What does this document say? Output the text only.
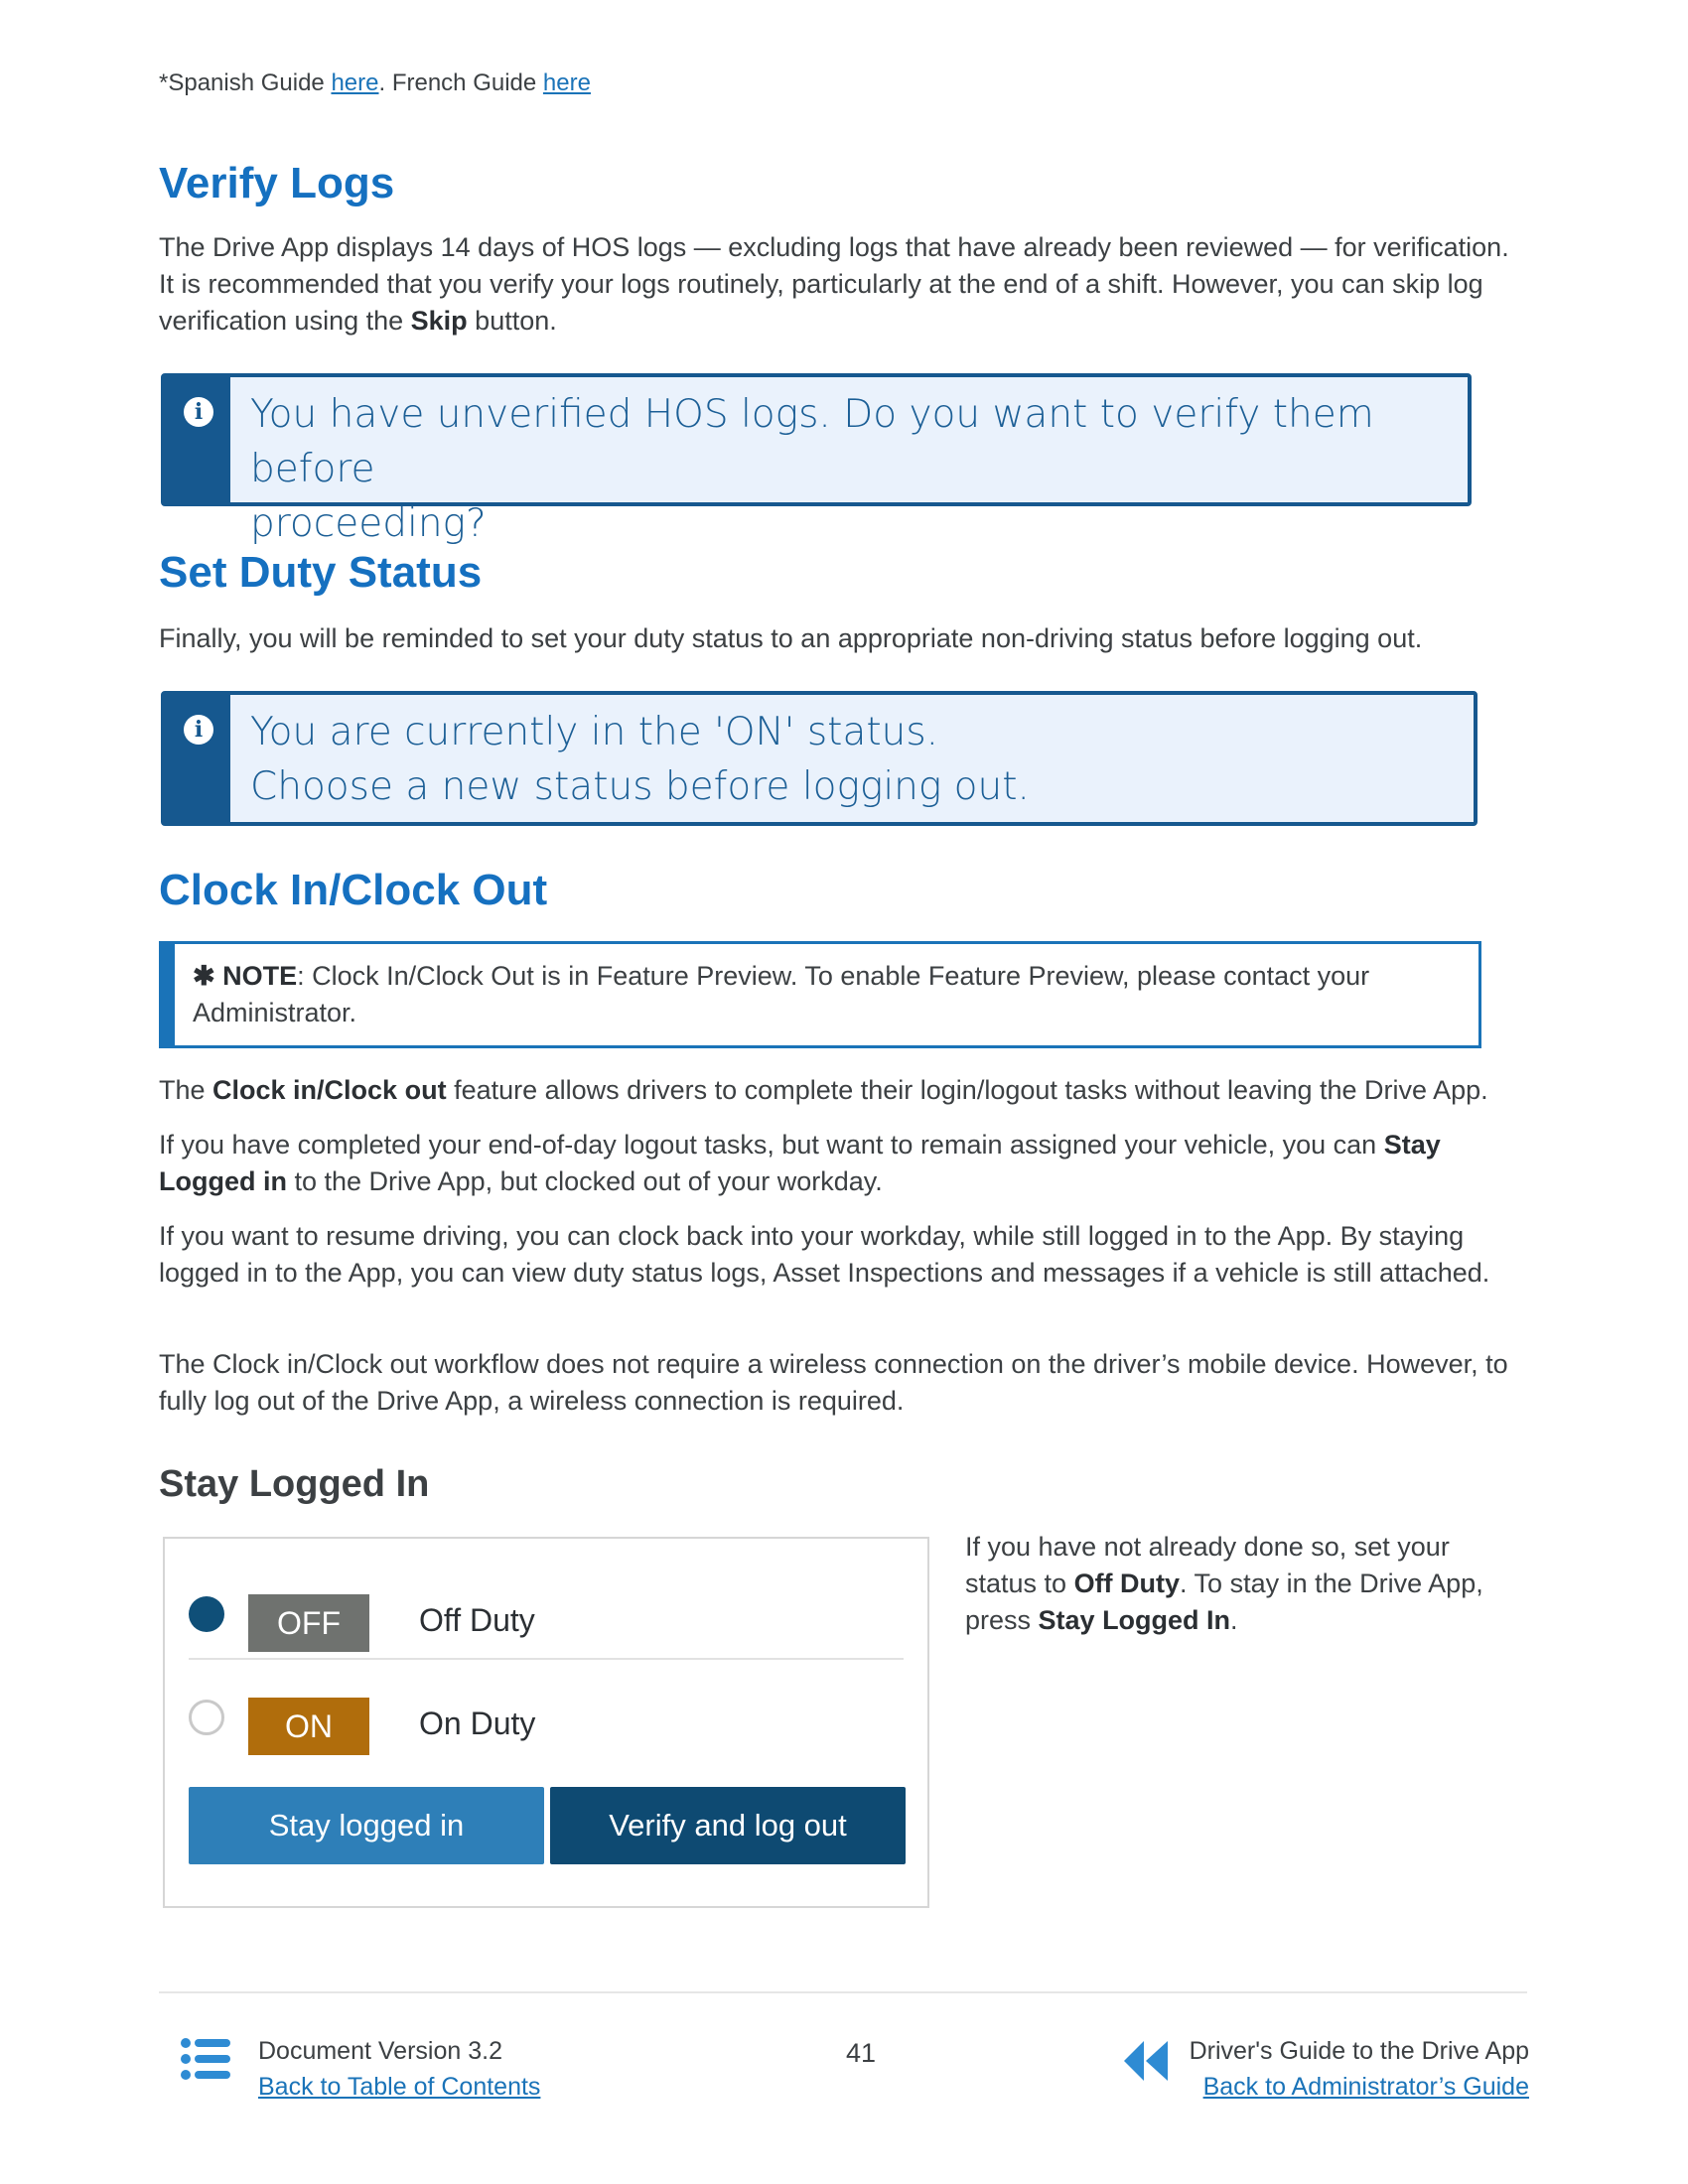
*Spanish Guide here. French Guide here
Verify Logs

The Drive App displays 14 days of HOS logs — excluding logs that have already been reviewed — for verification. It is recommended that you verify your logs routinely, particularly at the end of a shift. However, you can skip log verification using the Skip button.

i You have unverified HOS logs. Do you want to verify them before
proceeding?
Set Duty Status

Finally, you will be reminded to set your duty status to an appropriate non-driving status before logging out.

i You are currently in the 'ON' status.
Choose a new status before logging out.
Clock In/Clock Out
✱ NOTE: Clock In/Clock Out is in Feature Preview. To enable Feature Preview, please contact your Administrator.

The Clock in/Clock out feature allows drivers to complete their login/logout tasks without leaving the Drive App.

If you have completed your end-of-day logout tasks, but want to remain assigned your vehicle, you can Stay Logged in to the Drive App, but clocked out of your workday.

If you want to resume driving, you can clock back into your workday, while still logged in to the App. By staying logged in to the App, you can view duty status logs, Asset Inspections and messages if a vehicle is still attached.

The Clock in/Clock out workflow does not require a wireless connection on the driver’s mobile device. However, to fully log out of the Drive App, a wireless connection is required.

Stay Logged In
OFF	Off Duty
ON	On Duty
Stay logged in	Verify and log out
If you have not already done so, set your status to Off Duty. To stay in the Drive App, press Stay Logged In.
Document Version 3.2
Back to Table of Contents
41	Driver's Guide to the Drive App
Back to Administrator’s Guide
